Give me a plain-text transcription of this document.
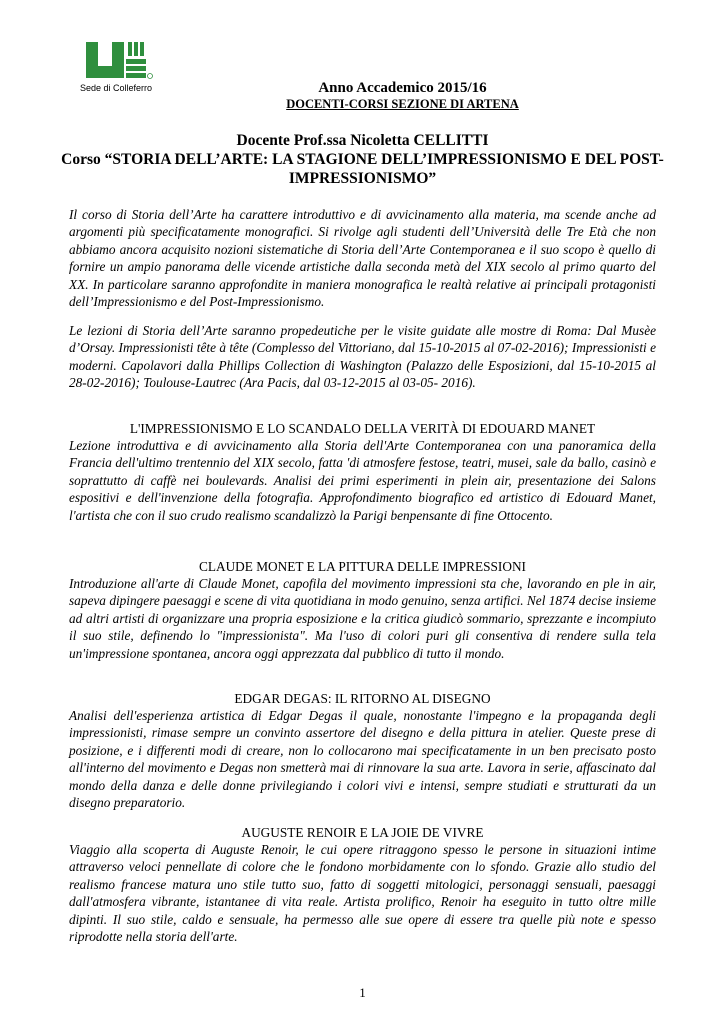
Sede di Colleferro	Anno Accademico 2015/16
DOCENTI-CORSI SEZIONE DI ARTENA
Docente Prof.ssa Nicoletta CELLITTI
Corso “STORIA DELL’ARTE: LA STAGIONE DELL’IMPRESSIONISMO E DEL POST-IMPRESSIONISMO”
Il corso di Storia dell’Arte ha carattere introduttivo e di avvicinamento alla materia, ma scende anche ad argomenti più specificatamente monografici. Si rivolge agli studenti dell’Università delle Tre Età che non abbiamo ancora acquisito nozioni sistematiche di Storia dell’Arte Contemporanea e il suo scopo è quello di fornire un ampio panorama delle vicende artistiche dalla seconda metà del XIX secolo al primo quarto del XX. In particolare saranno approfondite in maniera monografica le realtà relative ai principali protagonisti dell’Impressionismo e del Post-Impressionismo.
Le lezioni di Storia dell’Arte saranno propedeutiche per le visite guidate alle mostre di Roma: Dal Musèe d’Orsay. Impressionisti tête à tête (Complesso del Vittoriano, dal 15-10-2015 al 07-02-2016); Impressionisti e moderni. Capolavori dalla Phillips Collection di Washington (Palazzo delle Esposizioni, dal 15-10-2015 al 28-02-2016); Toulouse-Lautrec (Ara Pacis, dal 03-12-2015 al 03-05- 2016).
L'IMPRESSIONISMO E LO SCANDALO DELLA VERITÀ DI EDOUARD MANET
Lezione introduttiva e di avvicinamento alla Storia dell'Arte Contemporanea con una panoramica della Francia dell'ultimo trentennio del XIX secolo, fatta 'di atmosfere festose, teatri, musei, sale da ballo, casinò e soprattutto di caffè nei boulevards. Analisi dei primi esperimenti in plein air, presentazione dei Salons espositivi e dell'invenzione della fotografia. Approfondimento biografico ed artistico di Edouard Manet, l'artista che con il suo crudo realismo scandalizzò la Parigi benpensante di fine Ottocento.
CLAUDE MONET E LA PITTURA DELLE IMPRESSIONI
Introduzione all'arte di Claude Monet, capofila del movimento impressioni sta che, lavorando en ple in air, sapeva dipingere paesaggi e scene di vita quotidiana in modo genuino, senza artifici. Nel 1874 decise insieme ad altri artisti di organizzare una propria esposizione e la critica giudicò sommario, sprezzante e incompiuto il suo stile, definendo lo "impressionista". Ma l'uso di colori puri gli consentiva di rendere sulla tela un'impressione spontanea, ancora oggi apprezzata dal pubblico di tutto il mondo.
EDGAR DEGAS: IL RITORNO AL DISEGNO
Analisi dell'esperienza artistica di Edgar Degas il quale, nonostante l'impegno e la propaganda degli impressionisti, rimase sempre un convinto assertore del disegno e della pittura in atelier. Queste prese di posizione, e i differenti modi di creare, non lo collocarono mai specificatamente in un ben precisato posto all'interno del movimento e Degas non smetterà mai di rinnovare la sua arte. Lavora in serie, affascinato dal mondo della danza e delle donne privilegiando i colori vivi e intensi, sempre studiati e strutturati da un disegno preparatorio.
AUGUSTE RENOIR E LA JOIE DE VIVRE
Viaggio alla scoperta di Auguste Renoir, le cui opere ritraggono spesso le persone in situazioni intime attraverso veloci pennellate di colore che le fondono morbidamente con lo sfondo. Grazie allo studio del realismo francese matura uno stile tutto suo, fatto di soggetti mitologici, personaggi sensuali, paesaggi dall'atmosfera vibrante, istantanee di vita reale. Artista prolifico, Renoir ha eseguito in tutto oltre mille dipinti. Il suo stile, caldo e sensuale, ha permesso alle sue opere di essere tra quelle più note e spesso riprodotte nella storia dell'arte.
1
